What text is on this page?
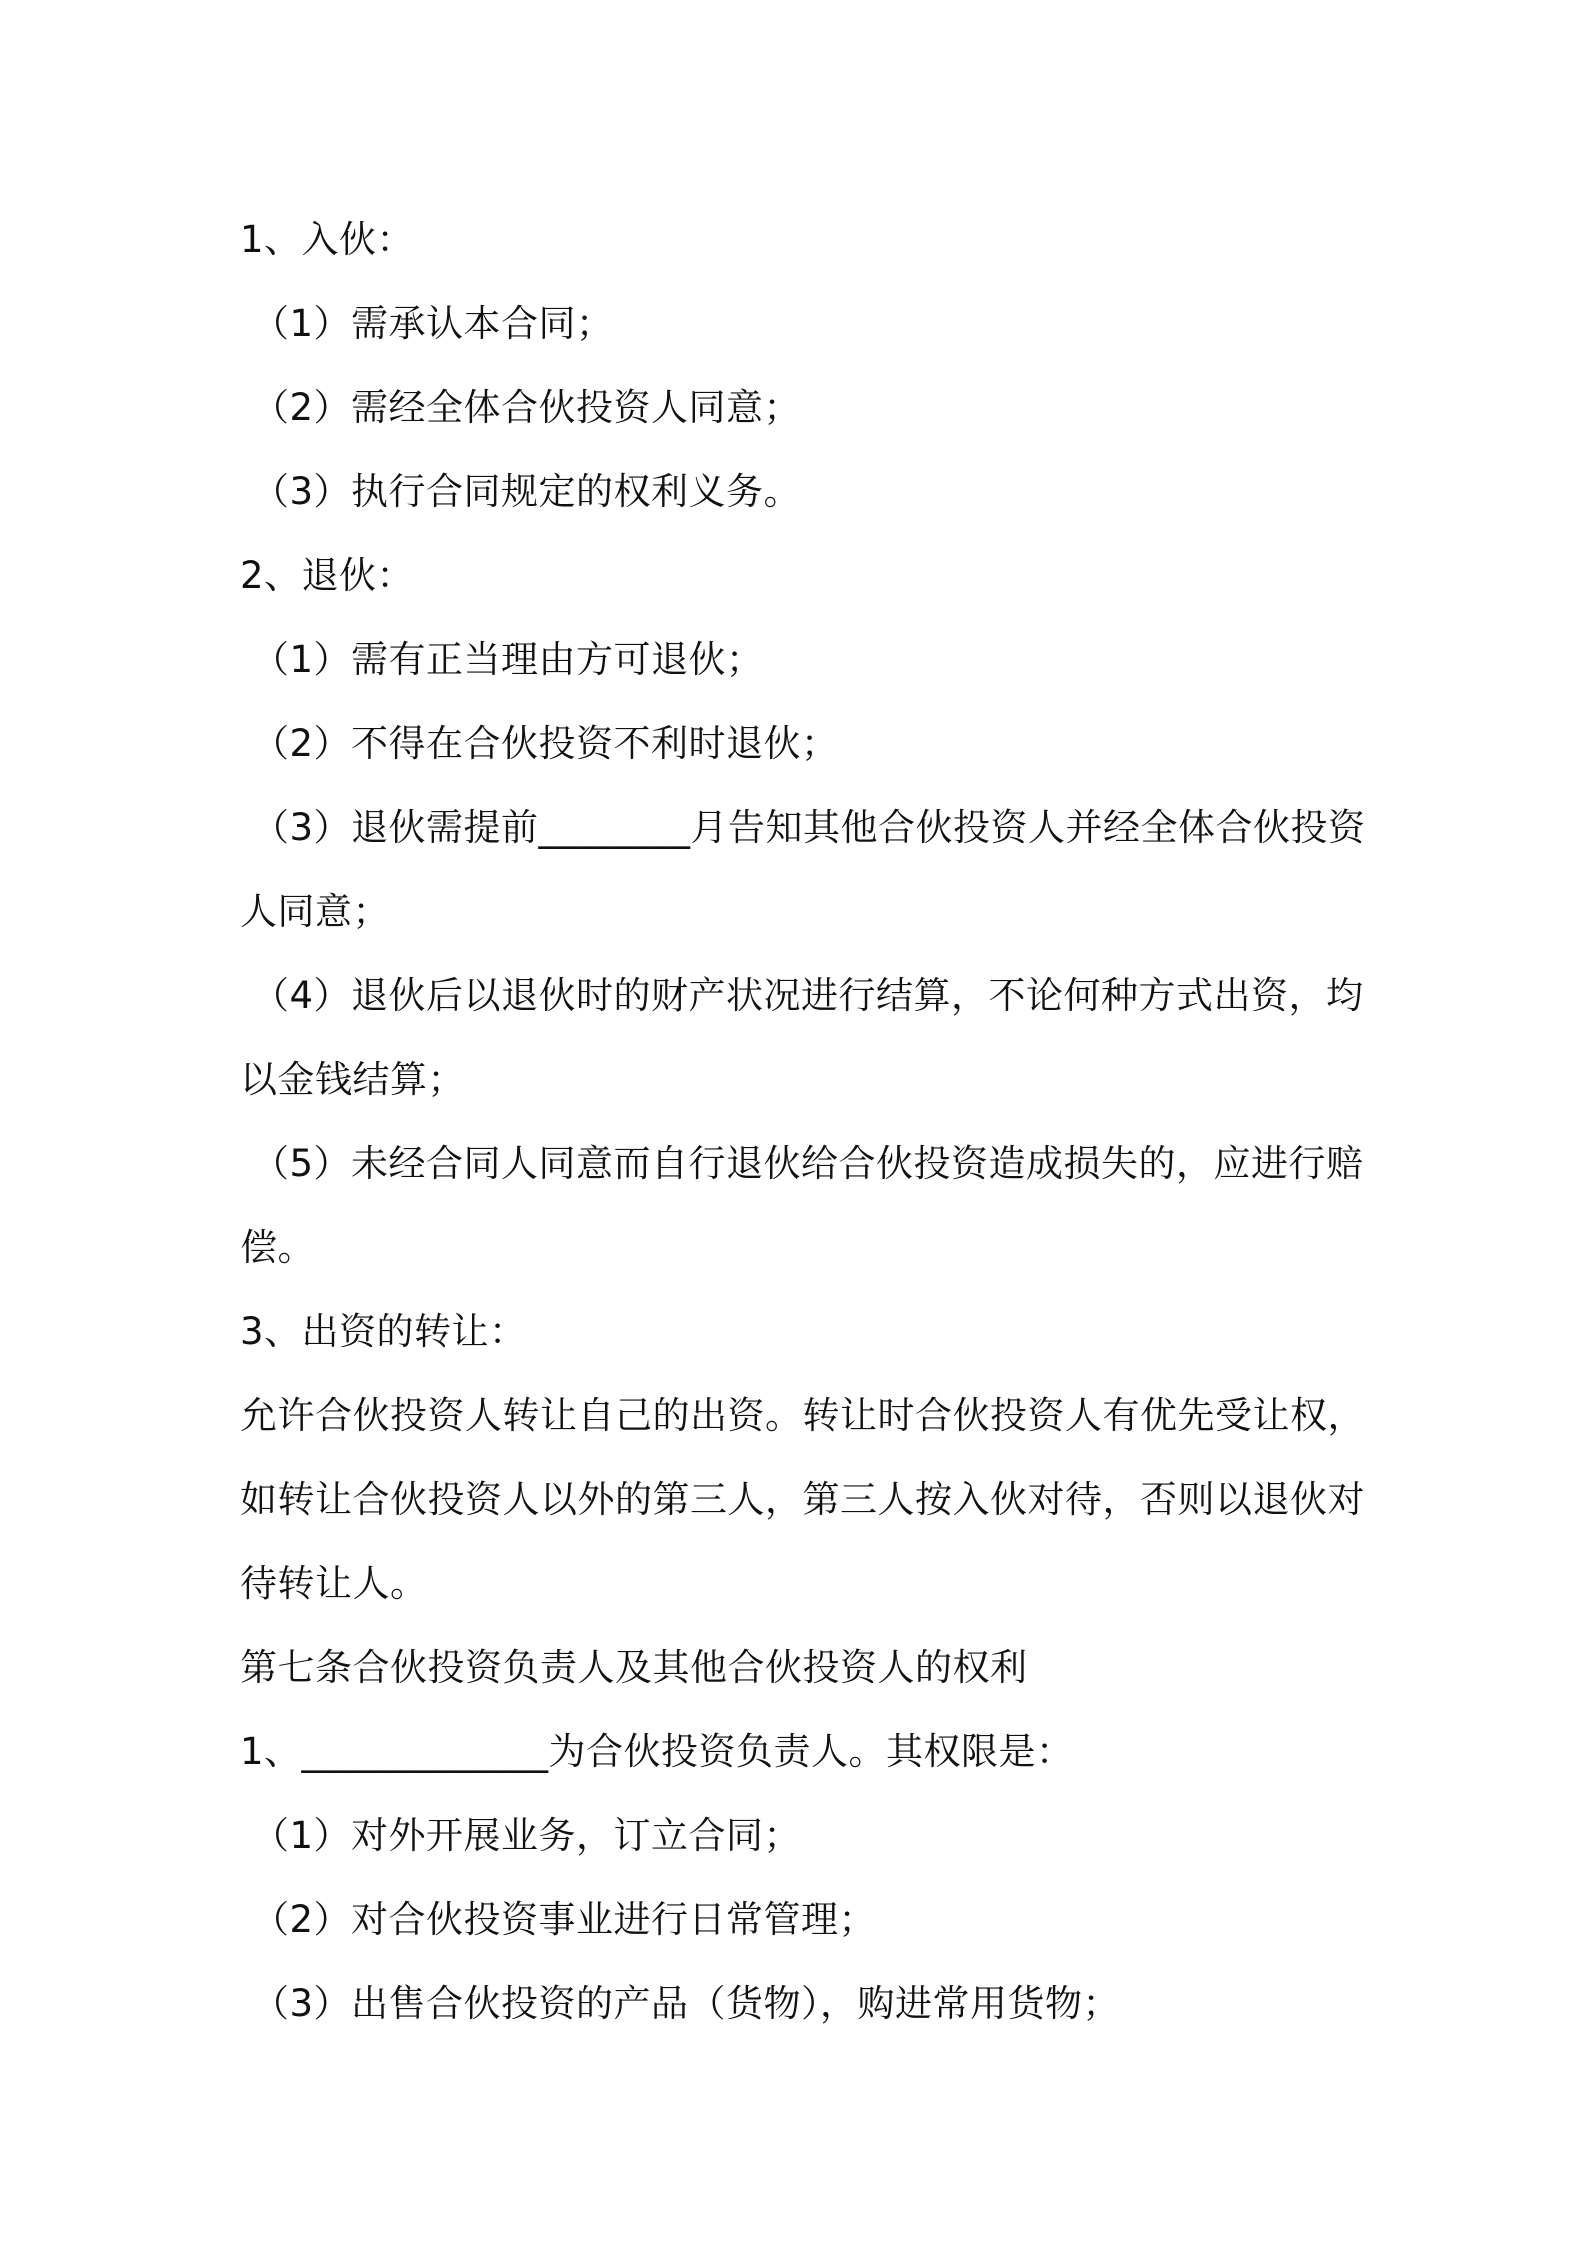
1、入伙：
（1）需承认本合同；
（2）需经全体合伙投资人同意；
（3）执行合同规定的权利义务。
2、退伙：
（1）需有正当理由方可退伙；
（2）不得在合伙投资不利时退伙；
（3）退伙需提前________月告知其他合伙投资人并经全体合伙投资
人同意；
（4）退伙后以退伙时的财产状况进行结算，不论何种方式出资，均
以金钱结算；
（5）未经合同人同意而自行退伙给合伙投资造成损失的，应进行赔
偿。
3、出资的转让：
允许合伙投资人转让自己的出资。转让时合伙投资人有优先受让权，
如转让合伙投资人以外的第三人，第三人按入伙对待，否则以退伙对
待转让人。
第七条合伙投资负责人及其他合伙投资人的权利
1、_____________为合伙投资负责人。其权限是：
（1）对外开展业务，订立合同；
（2）对合伙投资事业进行日常管理；
（3）出售合伙投资的产品（货物），购进常用货物；
